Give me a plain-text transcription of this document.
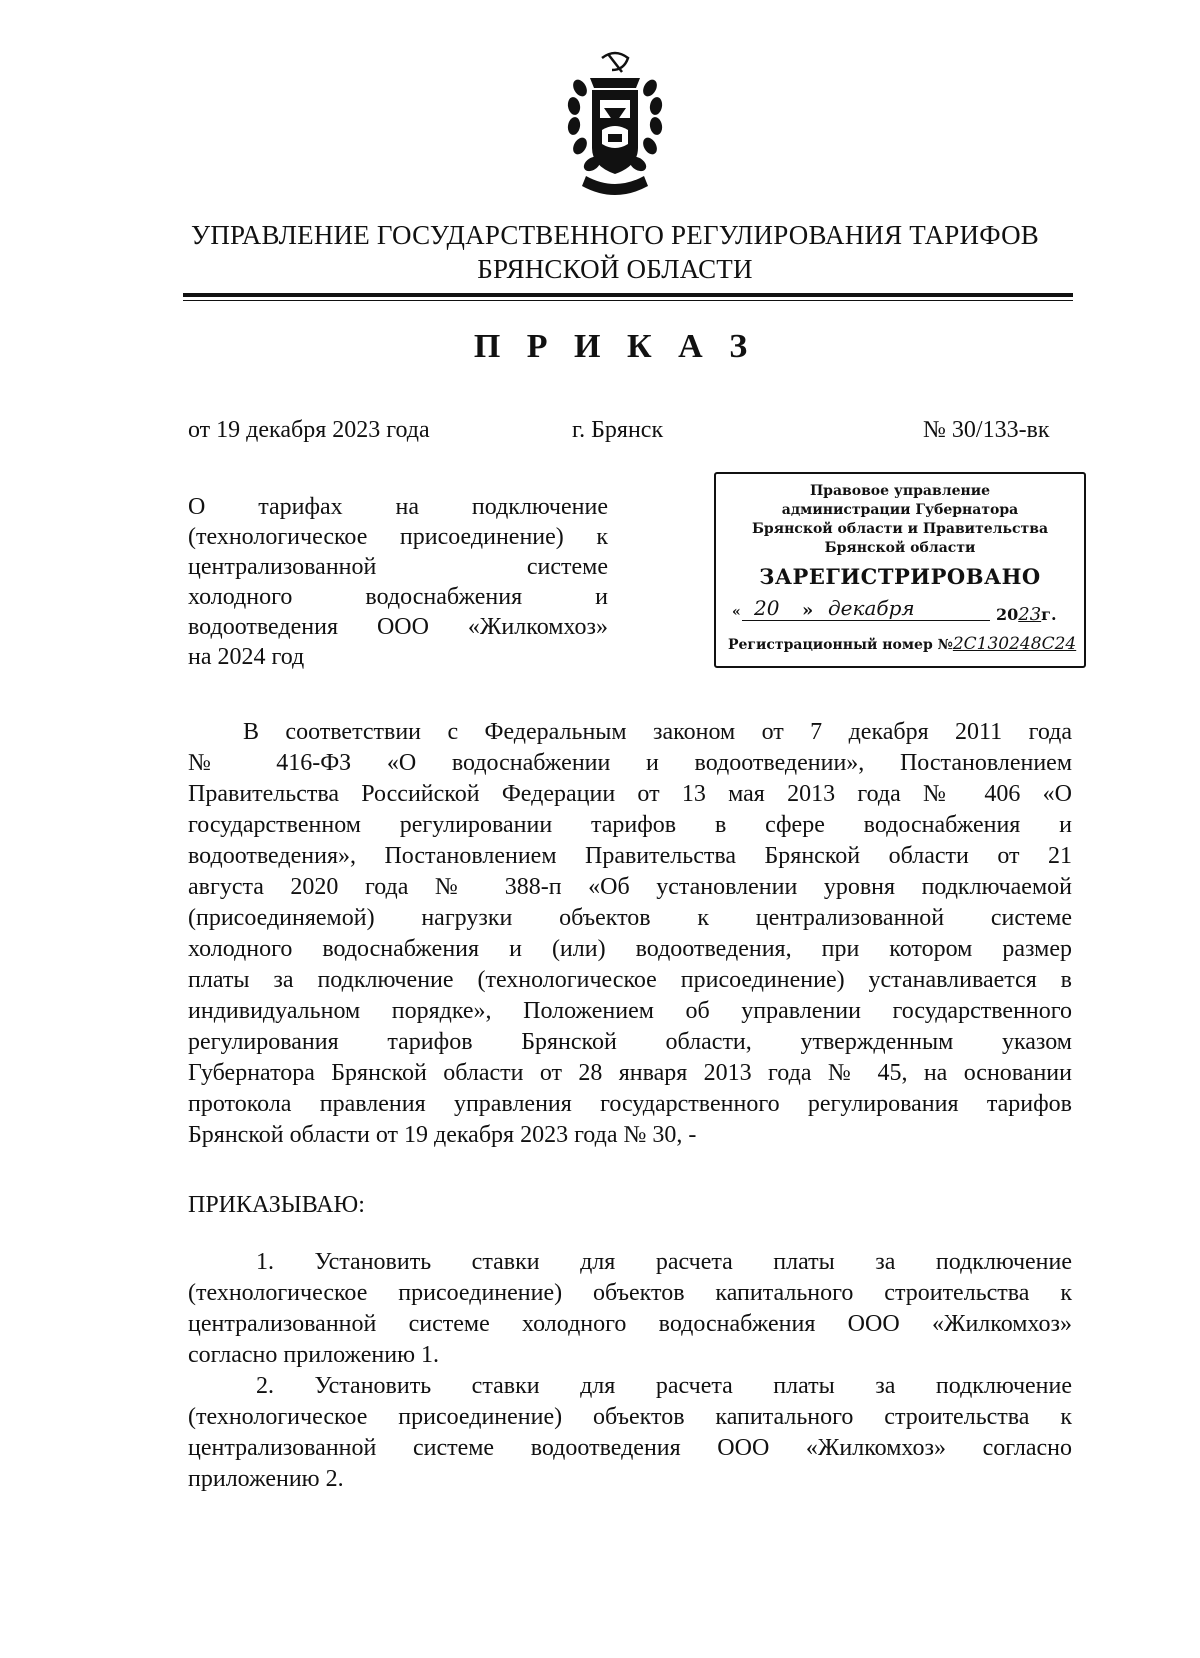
УПРАВЛЕНИЕ ГОСУДАРСТВЕННОГО РЕГУЛИРОВАНИЯ ТАРИФОВ
БРЯНСКОЙ ОБЛАСТИ
П Р И К А З
от 19 декабря 2023 года	г. Брянск	№ 30/133-вк
О тарифах на подключение
(технологическое присоединение) к
централизованной системе
холодного водоснабжения и
водоотведения ООО «Жилкомхоз»
на 2024 год
Правовое управление
администрации Губернатора
Брянской области и Правительства
Брянской области
ЗАРЕГИСТРИРОВАНО
« 20 » декабря	2023г.
Регистрационный номер №2С130248С24
В соответствии с Федеральным законом от 7 декабря 2011 года
№ 416-ФЗ «О водоснабжении и водоотведении», Постановлением
Правительства Российской Федерации от 13 мая 2013 года № 406 «О
государственном регулировании тарифов в сфере водоснабжения и
водоотведения», Постановлением Правительства Брянской области от 21
августа 2020 года № 388-п «Об установлении уровня подключаемой
(присоединяемой) нагрузки объектов к централизованной системе
холодного водоснабжения и (или) водоотведения, при котором размер
платы за подключение (технологическое присоединение) устанавливается в
индивидуальном порядке», Положением об управлении государственного
регулирования тарифов Брянской области, утвержденным указом
Губернатора Брянской области от 28 января 2013 года № 45, на основании
протокола правления управления государственного регулирования тарифов
Брянской области от 19 декабря 2023 года № 30, -
ПРИКАЗЫВАЮ:
1. Установить ставки для расчета платы за подключение
(технологическое присоединение) объектов капитального строительства к
централизованной системе холодного водоснабжения ООО «Жилкомхоз»
согласно приложению 1.
2. Установить ставки для расчета платы за подключение
(технологическое присоединение) объектов капитального строительства к
централизованной системе водоотведения ООО «Жилкомхоз» согласно
приложению 2.
